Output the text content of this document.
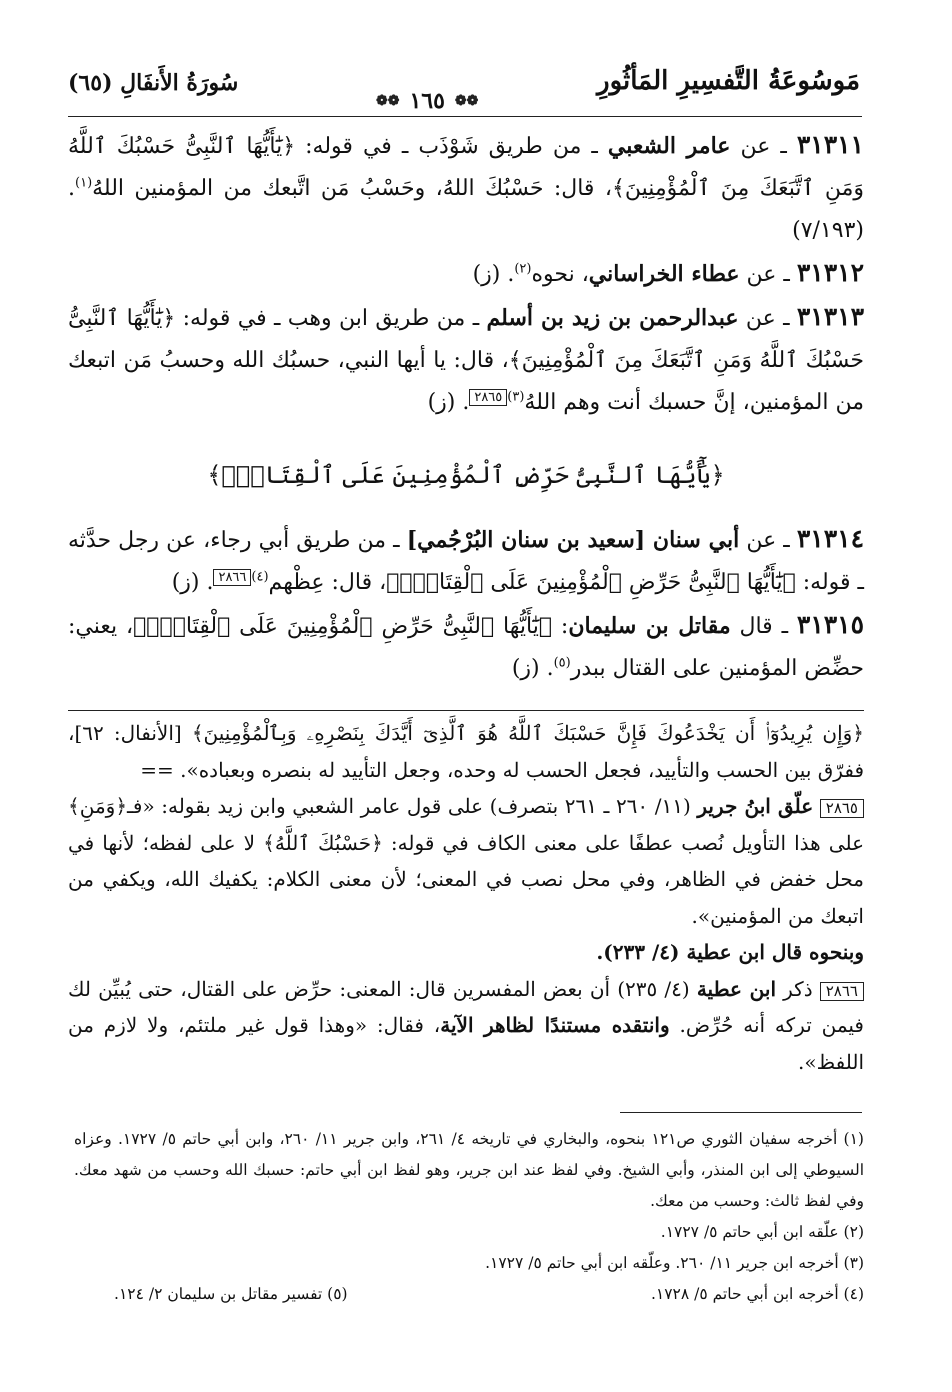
مَوسُوعَةُ التَّفسِيرِ المَأثُورِ
❁❁
١٦٥
❁❁
سُورَةُ الأَنفَالِ (٦٥)

٣١٣١١ ـ عن عامر الشعبي ـ من طريق شَوْذَب ـ في قوله: ﴿يَٰٓأَيُّهَا ٱلنَّبِىُّ حَسْبُكَ ٱللَّهُ وَمَنِ ٱتَّبَعَكَ مِنَ ٱلْمُؤْمِنِينَ﴾، قال: حَسْبُكَ اللهُ، وحَسْبُ مَن اتَّبعك من المؤمنين اللهُ$^{(١)}$. (٧/١٩٣)

٣١٣١٢ ـ عن عطاء الخراساني، نحوه$^{(٢)}$. (ز)

٣١٣١٣ ـ عن عبدالرحمن بن زيد بن أسلم ـ من طريق ابن وهب ـ في قوله: ﴿يَٰٓأَيُّهَا ٱلنَّبِىُّ حَسْبُكَ ٱللَّهُ وَمَنِ ٱتَّبَعَكَ مِنَ ٱلْمُؤْمِنِينَ﴾، قال: يا أيها النبي، حسبُك الله وحسبُ مَن اتبعك من المؤمنين، إنَّ حسبك أنت وهم اللهُ$^{(٣)}$٢٨٦٥. (ز)

﴿يَٰٓأَيُّهَا ٱلنَّبِىُّ حَرِّضِ ٱلْمُؤْمِنِينَ عَلَى ٱلْقِتَالِۚ﴾

٣١٣١٤ ـ عن أبي سنان [سعيد بن سنان البُرْجُمي] ـ من طريق أبي رجاء، عن رجل حدَّثه ـ قوله: ﴿يَٰٓأَيُّهَا ٱلنَّبِىُّ حَرِّضِ ٱلْمُؤْمِنِينَ عَلَى ٱلْقِتَالِۚ﴾، قال: عِظْهم$^{(٤)}$٢٨٦٦. (ز)

٣١٣١٥ ـ قال مقاتل بن سليمان: ﴿يَٰٓأَيُّهَا ٱلنَّبِىُّ حَرِّضِ ٱلْمُؤْمِنِينَ عَلَى ٱلْقِتَالِۚ﴾، يعني: حضِّض المؤمنين على القتال ببدر$^{(٥)}$. (ز)

﴿وَإِن يُرِيدُوٓا۟ أَن يَخْدَعُوكَ فَإِنَّ حَسْبَكَ ٱللَّهُ هُوَ ٱلَّذِىٓ أَيَّدَكَ بِنَصْرِهِۦ وَبِٱلْمُؤْمِنِينَ﴾ [الأنفال: ٦٢]، ففرّق بين الحسب والتأييد، فجعل الحسب له وحده، وجعل التأييد له بنصره وبعباده». ==

٢٨٦٥ علّق ابنُ جرير (١١/ ٢٦٠ ـ ٢٦١ بتصرف) على قول عامر الشعبي وابن زيد بقوله: «فـ﴿وَمَنِ﴾ على هذا التأويل نُصب عطفًا على معنى الكاف في قوله: ﴿حَسْبُكَ ٱللَّهُ﴾ لا على لفظه؛ لأنها في محل خفض في الظاهر، وفي محل نصب في المعنى؛ لأن معنى الكلام: يكفيك الله، ويكفي من اتبعك من المؤمنين».

وبنحوه قال ابن عطية (٤/ ٢٣٣).

٢٨٦٦ ذكر ابن عطية (٤/ ٢٣٥) أن بعض المفسرين قال: المعنى: حرِّض على القتال، حتى يُبيِّن لك فيمن تركه أنه حُرِّض. وانتقده مستندًا لظاهر الآية، فقال: «وهذا قول غير ملتئم، ولا لازم من اللفظ».

(١) أخرجه سفيان الثوري ص١٢١ بنحوه، والبخاري في تاريخه ٤/ ٢٦١، وابن جرير ١١/ ٢٦٠، وابن أبي حاتم ٥/ ١٧٢٧. وعزاه السيوطي إلى ابن المنذر، وأبي الشيخ. وفي لفظ عند ابن جرير، وهو لفظ ابن أبي حاتم: حسبك الله وحسب من شهد معك. وفي لفظ ثالث: وحسب من معك.

(٢) علّقه ابن أبي حاتم ٥/ ١٧٢٧.

(٣) أخرجه ابن جرير ١١/ ٢٦٠. وعلّقه ابن أبي حاتم ٥/ ١٧٢٧.

(٤) أخرجه ابن أبي حاتم ٥/ ١٧٢٨.
(٥) تفسير مقاتل بن سليمان ٢/ ١٢٤.
